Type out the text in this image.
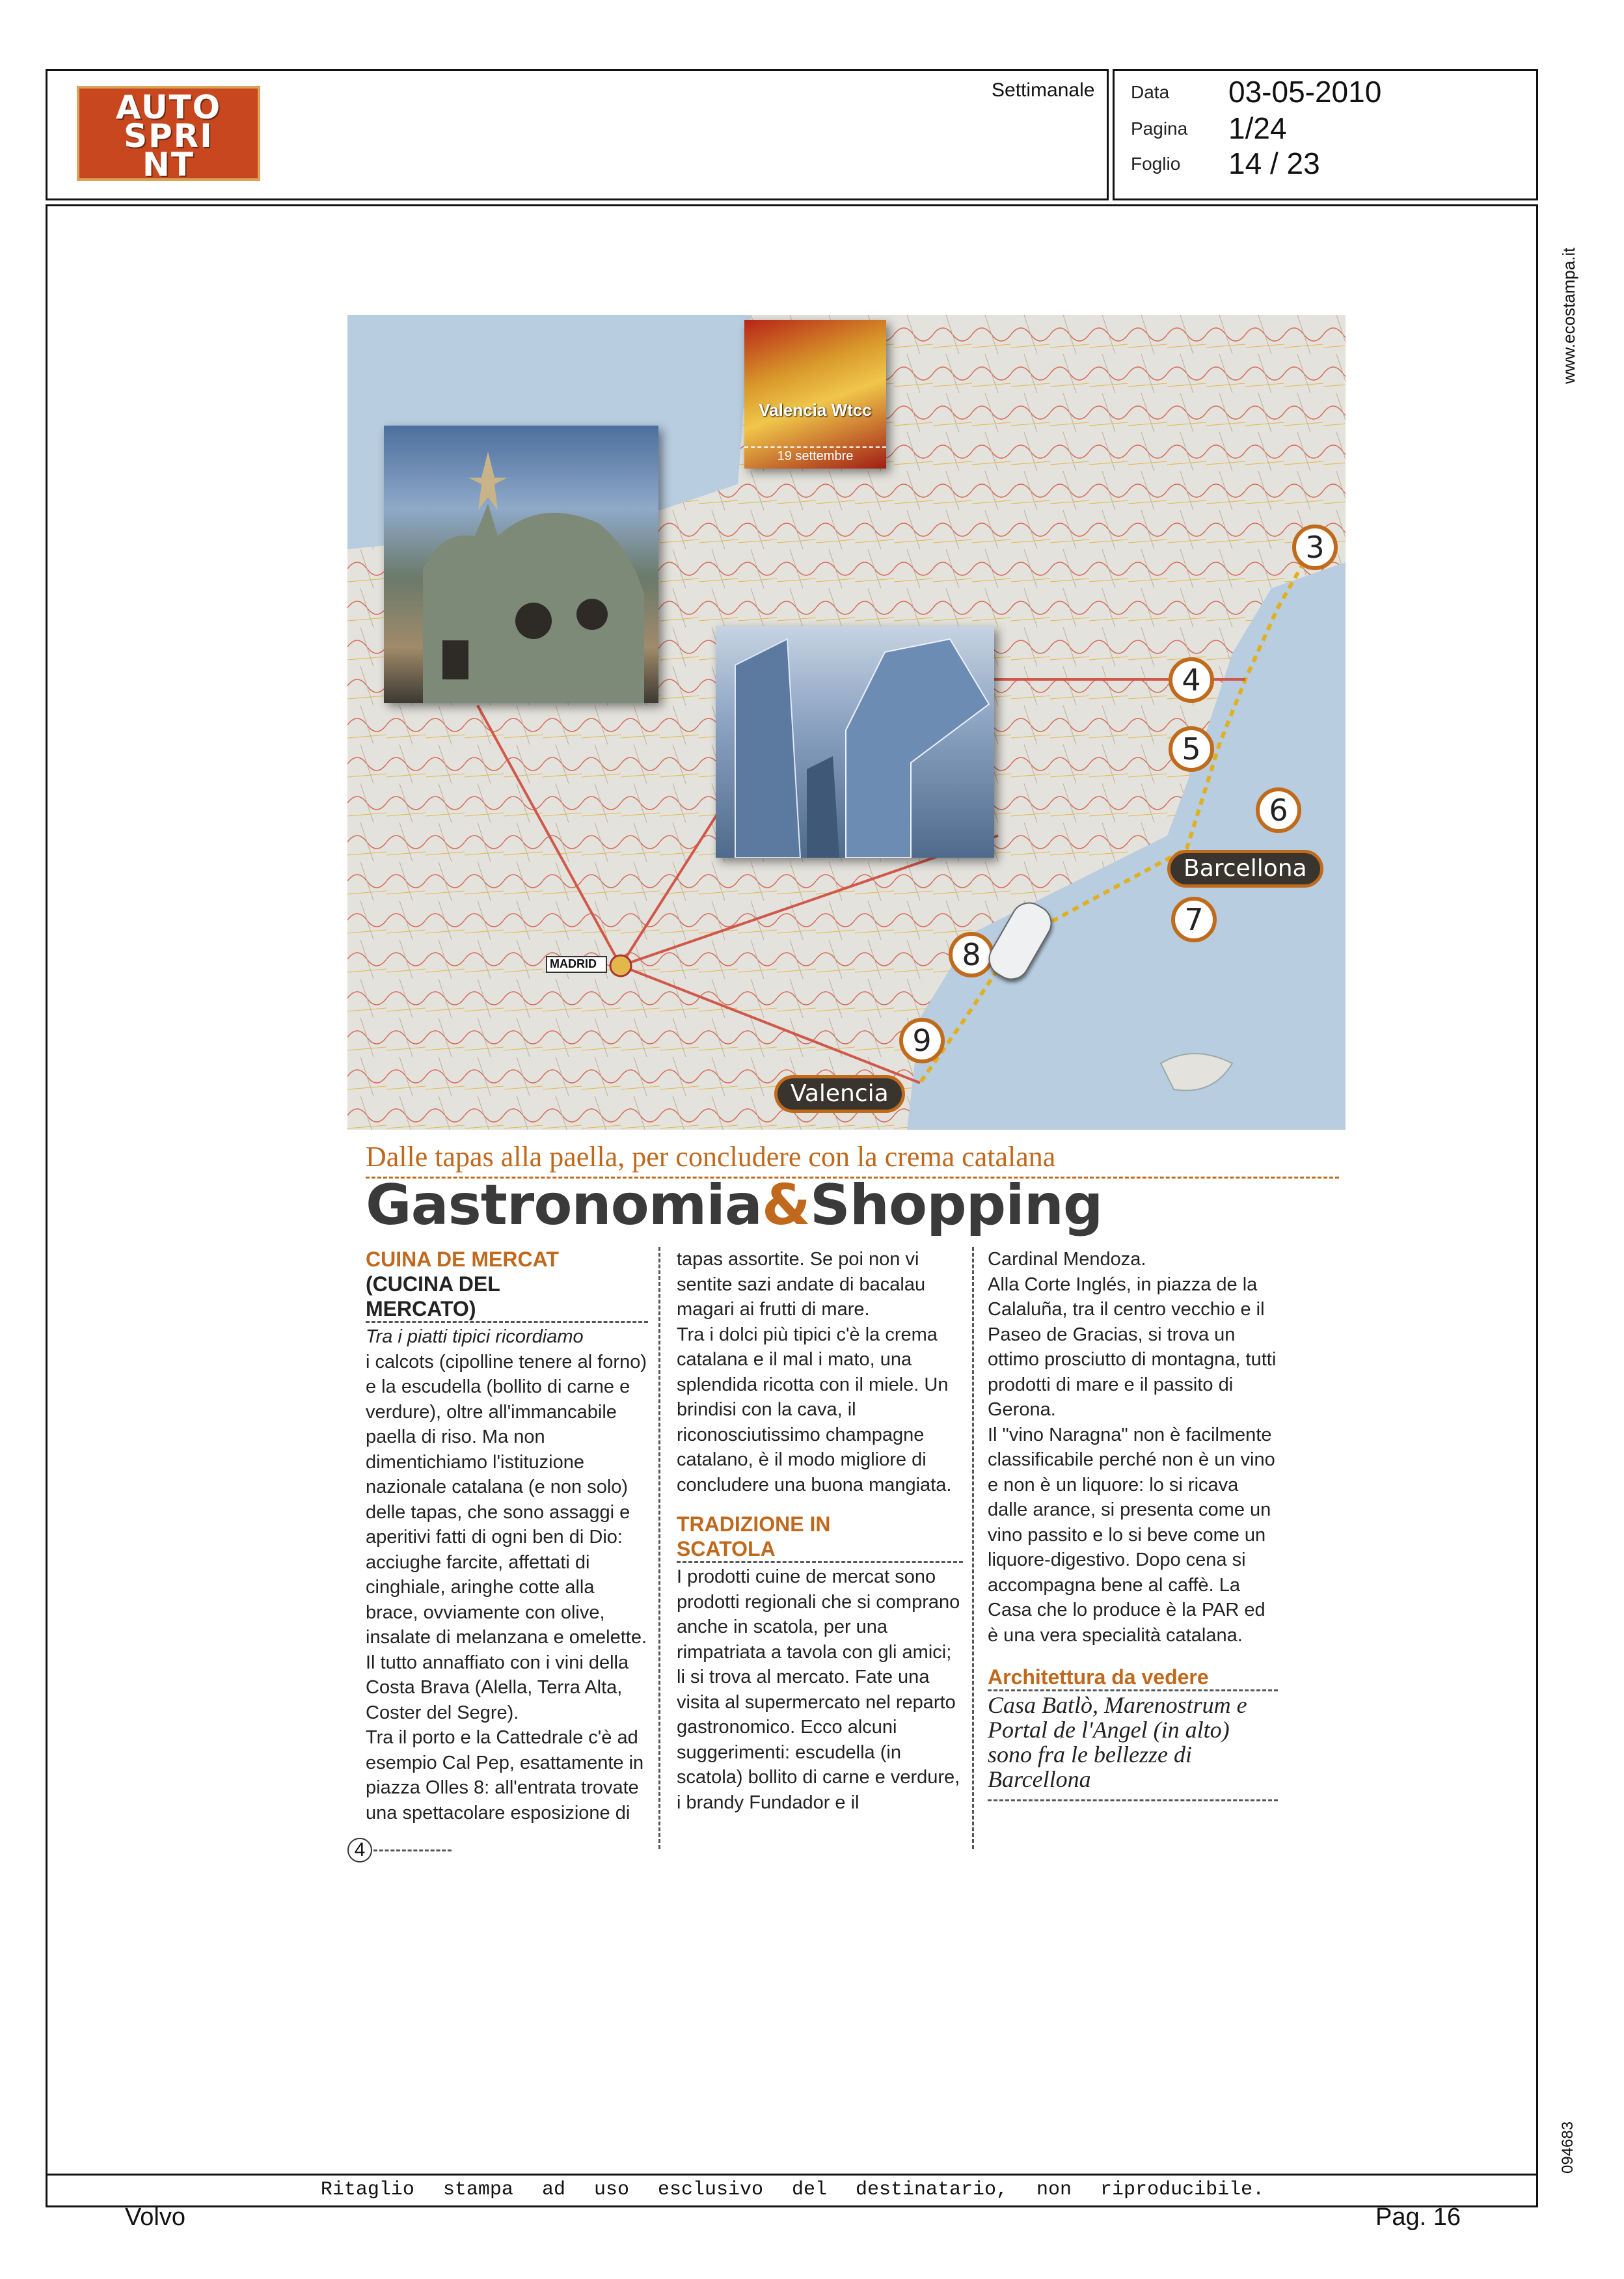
AUTO
SPRI
NT
Settimanale Data 03-05-2010
Pagina 1/24
Foglio 14 / 23
www.ecostampa.it
094683
MADRID
Valencia Wtcc
19 settembre
3
4
5
6
7
8
9
Barcellona
Valencia
Dalle tapas alla paella, per concludere con la crema catalana
Gastronomia&Shopping
CUINA DE MERCAT
(CUCINA DEL MERCATO)

Tra i piatti tipici ricordiamo

i calcots (cipolline tenere al forno) e la escudella (bollito di carne e verdure), oltre all'immancabile paella di riso. Ma non dimentichiamo l'istituzione nazionale catalana (e non solo) delle tapas, che sono assaggi e aperitivi fatti di ogni ben di Dio: acciughe farcite, affettati di cinghiale, aringhe cotte alla brace, ovviamente con olive, insalate di melanzana e omelette. Il tutto annaffiato con i vini della Costa Brava (Alella, Terra Alta, Coster del Segre).

Tra il porto e la Cattedrale c'è ad esempio Cal Pep, esattamente in piazza Olles 8: all'entrata trovate una spettacolare esposizione di

4

tapas assortite. Se poi non vi sentite sazi andate di bacalau magari ai frutti di mare.

Tra i dolci più tipici c'è la crema catalana e il mal i mato, una splendida ricotta con il miele. Un brindisi con la cava, il riconosciutissimo champagne catalano, è il modo migliore di concludere una buona mangiata.

TRADIZIONE IN SCATOLA

I prodotti cuine de mercat sono prodotti regionali che si comprano anche in scatola, per una rimpatriata a tavola con gli amici; li si trova al mercato. Fate una visita al supermercato nel reparto gastronomico. Ecco alcuni suggerimenti: escudella (in scatola) bollito di carne e verdure, i brandy Fundador e il

Cardinal Mendoza.

Alla Corte Inglés, in piazza de la Calaluña, tra il centro vecchio e il Paseo de Gracias, si trova un ottimo prosciutto di montagna, tutti prodotti di mare e il passito di Gerona.

Il "vino Naragna" non è facilmente classificabile perché non è un vino e non è un liquore: lo si ricava dalle arance, si presenta come un vino passito e lo si beve come un liquore-digestivo. Dopo cena si accompagna bene al caffè. La Casa che lo produce è la PAR ed è una vera specialità catalana.

Architettura da vedere
Casa Batlò, Marenostrum e Portal de l'Angel (in alto) sono fra le bellezze di Barcellona
Ritaglio stampa ad uso esclusivo del destinatario, non riproducibile.
Volvo	Pag. 16
